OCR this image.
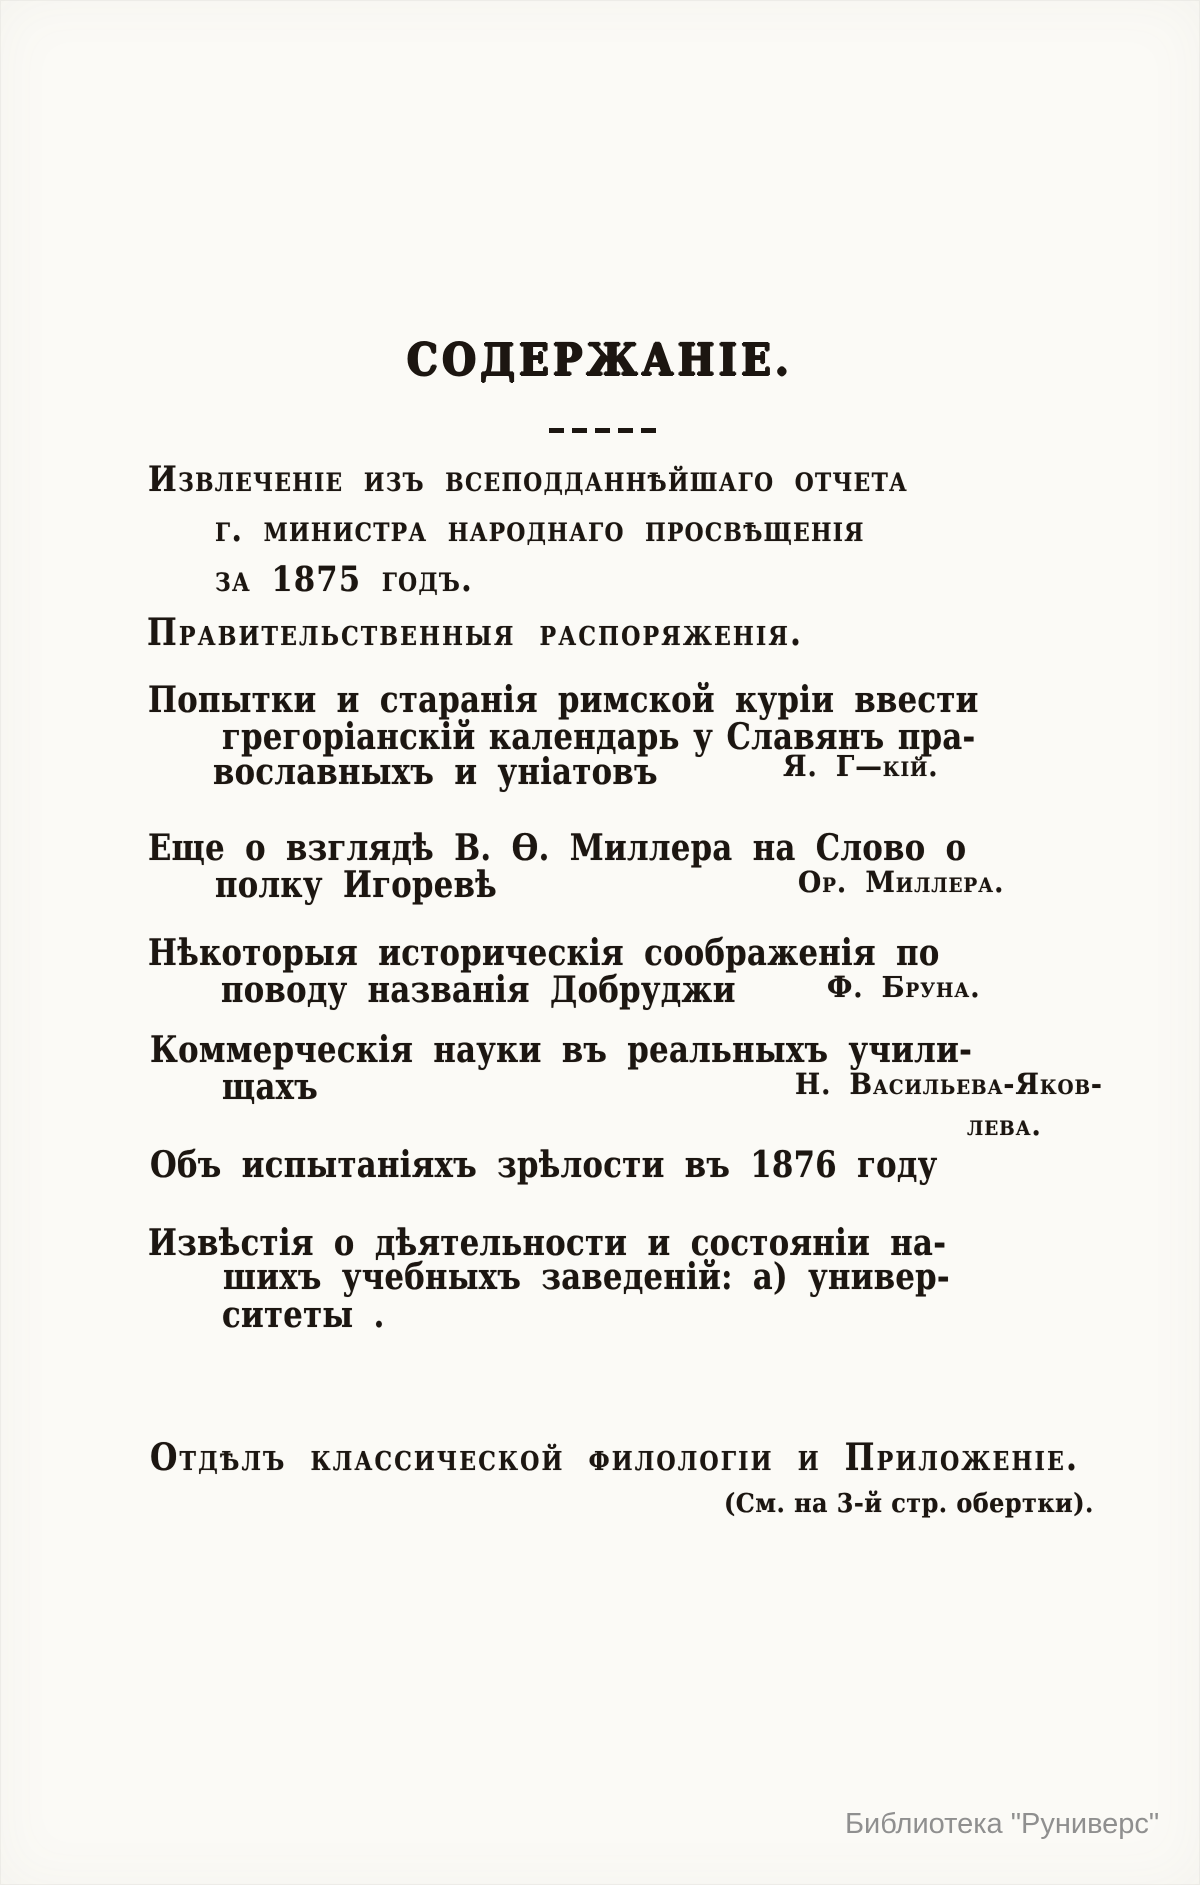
СОДЕРЖАНІЕ.
Извлеченіе изъ всеподданнѣйшаго отчета
г. министра народнаго просвѣщенія
за 1875 годъ.
Правительственныя распоряженія.
Попытки и старанія римской куріи ввести
грегоріанскій календарь у Славянъ пра-
вославныхъ и уніатовъ	Я. Г—кій.
Еще о взглядѣ В. Ѳ. Миллера на Слово о
полку Игоревѣ	Ор. Миллера.
Нѣкоторыя историческія соображенія по
поводу названія Добруджи	Ф. Бруна.
Коммерческія науки въ реальныхъ учили-
щахъ	Н. Васильева-Яков-
лева.
Объ испытаніяхъ зрѣлости въ 1876 году
Извѣстія о дѣятельности и состояніи на-
шихъ учебныхъ заведеній: а) универ-
ситеты .
Отдѣлъ классической филологіи и Приложеніе.
(См. на 3-й стр. обертки).
Библиотека "Руниверс"
